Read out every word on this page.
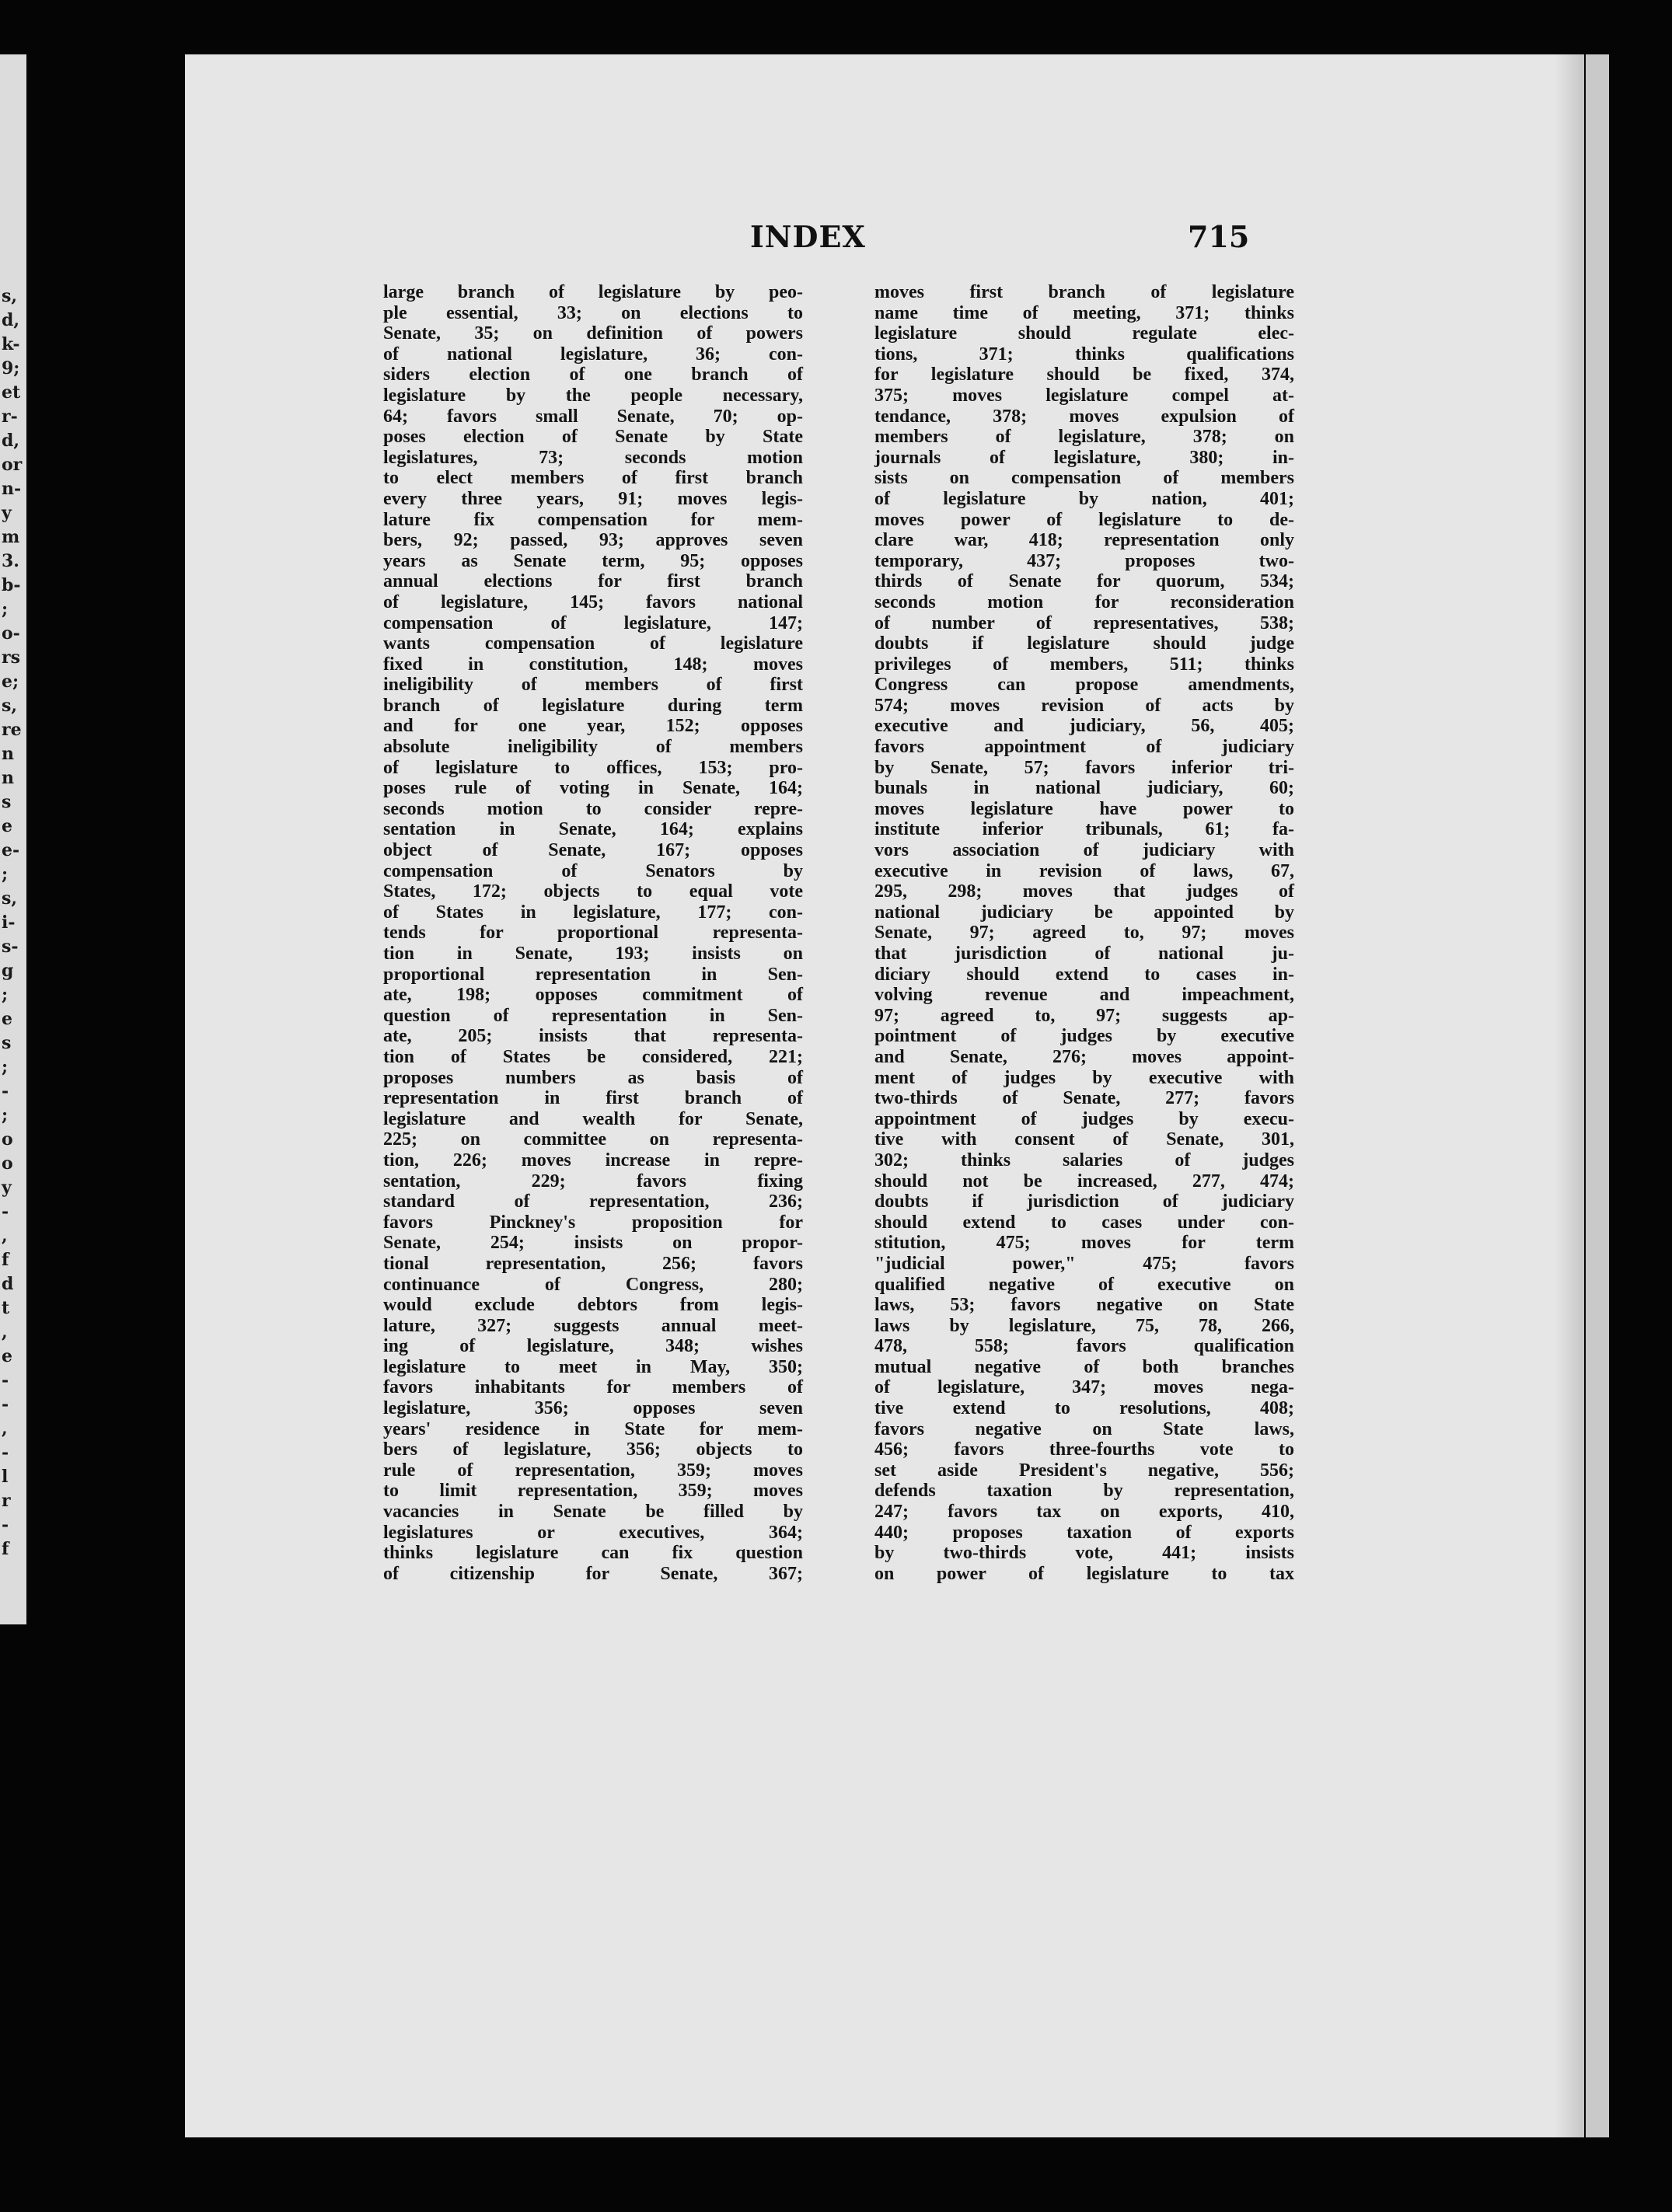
s,
d,
k-
9;
et
r-
d,
or
n-
y
m
3.
b-
;
o-
rs
e;
s,
re
n
n
s
e
e-
;
s,
i-
s-
g
;
e
s
;
-
;
o
o
y
-
,
f
d
t
,
e
-
-
,
-
l
r
-
f
INDEX	715
large branch of legislature by peo-
ple essential, 33; on elections to
Senate, 35; on definition of powers
of national legislature, 36; con-
siders election of one branch of
legislature by the people necessary,
64; favors small Senate, 70; op-
poses election of Senate by State
legislatures, 73; seconds motion
to elect members of first branch
every three years, 91; moves legis-
lature fix compensation for mem-
bers, 92; passed, 93; approves seven
years as Senate term, 95; opposes
annual elections for first branch
of legislature, 145; favors national
compensation of legislature, 147;
wants compensation of legislature
fixed in constitution, 148; moves
ineligibility of members of first
branch of legislature during term
and for one year, 152; opposes
absolute ineligibility of members
of legislature to offices, 153; pro-
poses rule of voting in Senate, 164;
seconds motion to consider repre-
sentation in Senate, 164; explains
object of Senate, 167; opposes
compensation of Senators by
States, 172; objects to equal vote
of States in legislature, 177; con-
tends for proportional representa-
tion in Senate, 193; insists on
proportional representation in Sen-
ate, 198; opposes commitment of
question of representation in Sen-
ate, 205; insists that representa-
tion of States be considered, 221;
proposes numbers as basis of
representation in first branch of
legislature and wealth for Senate,
225; on committee on representa-
tion, 226; moves increase in repre-
sentation, 229; favors fixing
standard of representation, 236;
favors Pinckney's proposition for
Senate, 254; insists on propor-
tional representation, 256; favors
continuance of Congress, 280;
would exclude debtors from legis-
lature, 327; suggests annual meet-
ing of legislature, 348; wishes
legislature to meet in May, 350;
favors inhabitants for members of
legislature, 356; opposes seven
years' residence in State for mem-
bers of legislature, 356; objects to
rule of representation, 359; moves
to limit representation, 359; moves
vacancies in Senate be filled by
legislatures or executives, 364;
thinks legislature can fix question
of citizenship for Senate, 367;
moves first branch of legislature
name time of meeting, 371; thinks
legislature should regulate elec-
tions, 371; thinks qualifications
for legislature should be fixed, 374,
375; moves legislature compel at-
tendance, 378; moves expulsion of
members of legislature, 378; on
journals of legislature, 380; in-
sists on compensation of members
of legislature by nation, 401;
moves power of legislature to de-
clare war, 418; representation only
temporary, 437; proposes two-
thirds of Senate for quorum, 534;
seconds motion for reconsideration
of number of representatives, 538;
doubts if legislature should judge
privileges of members, 511; thinks
Congress can propose amendments,
574; moves revision of acts by
executive and judiciary, 56, 405;
favors appointment of judiciary
by Senate, 57; favors inferior tri-
bunals in national judiciary, 60;
moves legislature have power to
institute inferior tribunals, 61; fa-
vors association of judiciary with
executive in revision of laws, 67,
295, 298; moves that judges of
national judiciary be appointed by
Senate, 97; agreed to, 97; moves
that jurisdiction of national ju-
diciary should extend to cases in-
volving revenue and impeachment,
97; agreed to, 97; suggests ap-
pointment of judges by executive
and Senate, 276; moves appoint-
ment of judges by executive with
two-thirds of Senate, 277; favors
appointment of judges by execu-
tive with consent of Senate, 301,
302; thinks salaries of judges
should not be increased, 277, 474;
doubts if jurisdiction of judiciary
should extend to cases under con-
stitution, 475; moves for term
"judicial power," 475; favors
qualified negative of executive on
laws, 53; favors negative on State
laws by legislature, 75, 78, 266,
478, 558; favors qualification
mutual negative of both branches
of legislature, 347; moves nega-
tive extend to resolutions, 408;
favors negative on State laws,
456; favors three-fourths vote to
set aside President's negative, 556;
defends taxation by representation,
247; favors tax on exports, 410,
440; proposes taxation of exports
by two-thirds vote, 441; insists
on power of legislature to tax
